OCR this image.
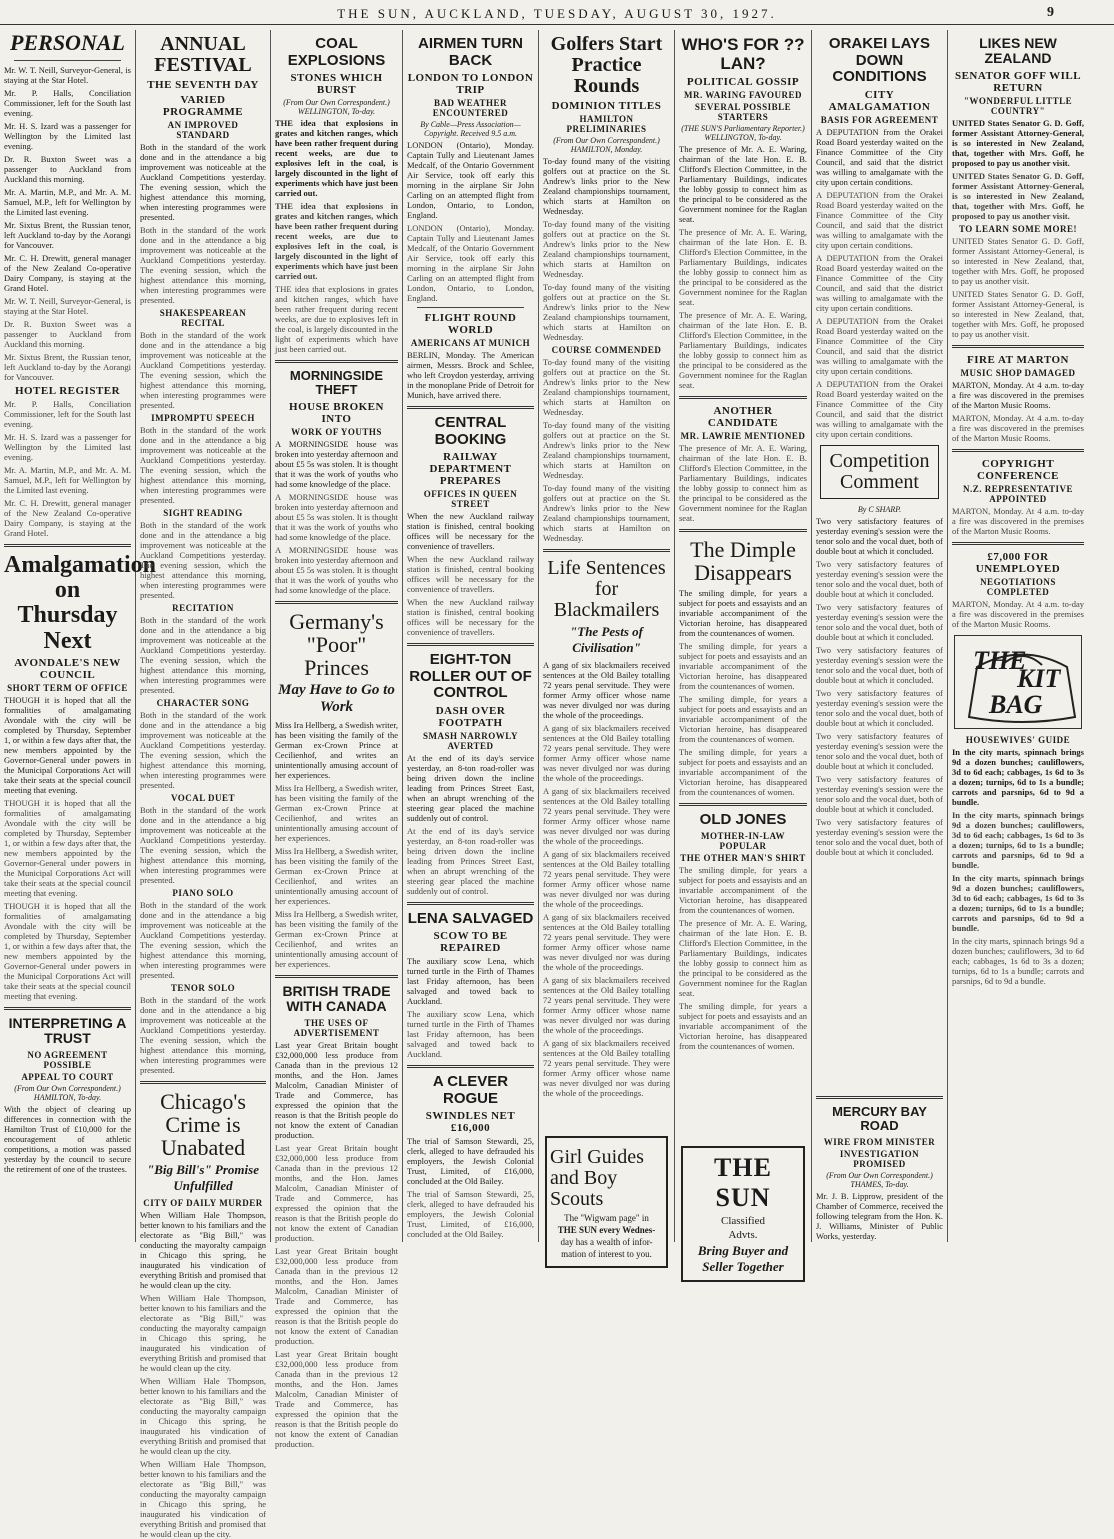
THE SUN, AUCKLAND, TUESDAY, AUGUST 30, 1927.	9
PERSONAL

Mr. W. T. Neill, Surveyor-General, is staying at the Star Hotel.

Mr. P. Halls, Conciliation Commissioner, left for the South last evening.

Mr. H. S. Izard was a passenger for Wellington by the Limited last evening.

Dr. R. Buxton Sweet was a passenger to Auckland from Auckland this morning.

Mr. A. Martin, M.P., and Mr. A. M. Samuel, M.P., left for Wellington by the Limited last evening.

Mr. Sixtus Brent, the Russian tenor, left Auckland to-day by the Aorangi for Vancouver.

Mr. C. H. Drewitt, general manager of the New Zealand Co-operative Dairy Company, is staying at the Grand Hotel.

Mr. W. T. Neill, Surveyor-General, is staying at the Star Hotel.

Dr. R. Buxton Sweet was a passenger to Auckland from Auckland this morning.

Mr. Sixtus Brent, the Russian tenor, left Auckland to-day by the Aorangi for Vancouver.

HOTEL REGISTER

Mr. P. Halls, Conciliation Commissioner, left for the South last evening.

Mr. H. S. Izard was a passenger for Wellington by the Limited last evening.

Mr. A. Martin, M.P., and Mr. A. M. Samuel, M.P., left for Wellington by the Limited last evening.

Mr. C. H. Drewitt, general manager of the New Zealand Co-operative Dairy Company, is staying at the Grand Hotel.

Amalgamation on Thursday Next
AVONDALE'S NEW COUNCIL
SHORT TERM OF OFFICE

THOUGH it is hoped that all the formalities of amalgamating Avondale with the city will be completed by Thursday, September 1, or within a few days after that, the new members appointed by the Governor-General under powers in the Municipal Corporations Act will take their seats at the special council meeting that evening.

THOUGH it is hoped that all the formalities of amalgamating Avondale with the city will be completed by Thursday, September 1, or within a few days after that, the new members appointed by the Governor-General under powers in the Municipal Corporations Act will take their seats at the special council meeting that evening.

THOUGH it is hoped that all the formalities of amalgamating Avondale with the city will be completed by Thursday, September 1, or within a few days after that, the new members appointed by the Governor-General under powers in the Municipal Corporations Act will take their seats at the special council meeting that evening.

INTERPRETING A TRUST
NO AGREEMENT POSSIBLE
APPEAL TO COURT
(From Our Own Correspondent.) HAMILTON, To-day.

With the object of clearing up differences in connection with the Hamilton Trust of £10,000 for the encouragement of athletic competitions, a motion was passed yesterday by the council to secure the retirement of one of the trustees.

ANNUAL FESTIVAL
THE SEVENTH DAY
VARIED PROGRAMME
AN IMPROVED STANDARD

Both in the standard of the work done and in the attendance a big improvement was noticeable at the Auckland Competitions yesterday. The evening session, which the highest attendance this morning, when interesting programmes were presented.

Both in the standard of the work done and in the attendance a big improvement was noticeable at the Auckland Competitions yesterday. The evening session, which the highest attendance this morning, when interesting programmes were presented.

SHAKESPEAREAN RECITAL

Both in the standard of the work done and in the attendance a big improvement was noticeable at the Auckland Competitions yesterday. The evening session, which the highest attendance this morning, when interesting programmes were presented.

IMPROMPTU SPEECH

Both in the standard of the work done and in the attendance a big improvement was noticeable at the Auckland Competitions yesterday. The evening session, which the highest attendance this morning, when interesting programmes were presented.

SIGHT READING

Both in the standard of the work done and in the attendance a big improvement was noticeable at the Auckland Competitions yesterday. The evening session, which the highest attendance this morning, when interesting programmes were presented.

RECITATION

Both in the standard of the work done and in the attendance a big improvement was noticeable at the Auckland Competitions yesterday. The evening session, which the highest attendance this morning, when interesting programmes were presented.

CHARACTER SONG

Both in the standard of the work done and in the attendance a big improvement was noticeable at the Auckland Competitions yesterday. The evening session, which the highest attendance this morning, when interesting programmes were presented.

VOCAL DUET

Both in the standard of the work done and in the attendance a big improvement was noticeable at the Auckland Competitions yesterday. The evening session, which the highest attendance this morning, when interesting programmes were presented.

PIANO SOLO

Both in the standard of the work done and in the attendance a big improvement was noticeable at the Auckland Competitions yesterday. The evening session, which the highest attendance this morning, when interesting programmes were presented.

TENOR SOLO

Both in the standard of the work done and in the attendance a big improvement was noticeable at the Auckland Competitions yesterday. The evening session, which the highest attendance this morning, when interesting programmes were presented.

Chicago's Crime is Unabated
"Big Bill's" Promise Unfulfilled
CITY OF DAILY MURDER

When William Hale Thompson, better known to his familiars and the electorate as "Big Bill," was conducting the mayoralty campaign in Chicago this spring, he inaugurated his vindication of everything British and promised that he would clean up the city.

When William Hale Thompson, better known to his familiars and the electorate as "Big Bill," was conducting the mayoralty campaign in Chicago this spring, he inaugurated his vindication of everything British and promised that he would clean up the city.

When William Hale Thompson, better known to his familiars and the electorate as "Big Bill," was conducting the mayoralty campaign in Chicago this spring, he inaugurated his vindication of everything British and promised that he would clean up the city.

When William Hale Thompson, better known to his familiars and the electorate as "Big Bill," was conducting the mayoralty campaign in Chicago this spring, he inaugurated his vindication of everything British and promised that he would clean up the city.

COAL EXPLOSIONS
STONES WHICH BURST
(From Our Own Correspondent.) WELLINGTON, To-day.

THE idea that explosions in grates and kitchen ranges, which have been rather frequent during recent weeks, are due to explosives left in the coal, is largely discounted in the light of experiments which have just been carried out.

THE idea that explosions in grates and kitchen ranges, which have been rather frequent during recent weeks, are due to explosives left in the coal, is largely discounted in the light of experiments which have just been carried out.

THE idea that explosions in grates and kitchen ranges, which have been rather frequent during recent weeks, are due to explosives left in the coal, is largely discounted in the light of experiments which have just been carried out.

MORNINGSIDE THEFT
HOUSE BROKEN INTO
WORK OF YOUTHS

A MORNINGSIDE house was broken into yesterday afternoon and about £5 5s was stolen. It is thought that it was the work of youths who had some knowledge of the place.

A MORNINGSIDE house was broken into yesterday afternoon and about £5 5s was stolen. It is thought that it was the work of youths who had some knowledge of the place.

A MORNINGSIDE house was broken into yesterday afternoon and about £5 5s was stolen. It is thought that it was the work of youths who had some knowledge of the place.

Germany's "Poor" Princes
May Have to Go to Work

Miss Ira Hellberg, a Swedish writer, has been visiting the family of the German ex-Crown Prince at Cecilienhof, and writes an unintentionally amusing account of her experiences.

Miss Ira Hellberg, a Swedish writer, has been visiting the family of the German ex-Crown Prince at Cecilienhof, and writes an unintentionally amusing account of her experiences.

Miss Ira Hellberg, a Swedish writer, has been visiting the family of the German ex-Crown Prince at Cecilienhof, and writes an unintentionally amusing account of her experiences.

Miss Ira Hellberg, a Swedish writer, has been visiting the family of the German ex-Crown Prince at Cecilienhof, and writes an unintentionally amusing account of her experiences.

BRITISH TRADE WITH CANADA
THE USES OF ADVERTISEMENT

Last year Great Britain bought £32,000,000 less produce from Canada than in the previous 12 months, and the Hon. James Malcolm, Canadian Minister of Trade and Commerce, has expressed the opinion that the reason is that the British people do not know the extent of Canadian production.

Last year Great Britain bought £32,000,000 less produce from Canada than in the previous 12 months, and the Hon. James Malcolm, Canadian Minister of Trade and Commerce, has expressed the opinion that the reason is that the British people do not know the extent of Canadian production.

Last year Great Britain bought £32,000,000 less produce from Canada than in the previous 12 months, and the Hon. James Malcolm, Canadian Minister of Trade and Commerce, has expressed the opinion that the reason is that the British people do not know the extent of Canadian production.

Last year Great Britain bought £32,000,000 less produce from Canada than in the previous 12 months, and the Hon. James Malcolm, Canadian Minister of Trade and Commerce, has expressed the opinion that the reason is that the British people do not know the extent of Canadian production.

AIRMEN TURN BACK
LONDON TO LONDON TRIP
BAD WEATHER ENCOUNTERED
By Cable—Press Association—Copyright. Received 9.5 a.m.

LONDON (Ontario), Monday. Captain Tully and Lieutenant James Medcalf, of the Ontario Government Air Service, took off early this morning in the airplane Sir John Carling on an attempted flight from London, Ontario, to London, England.

LONDON (Ontario), Monday. Captain Tully and Lieutenant James Medcalf, of the Ontario Government Air Service, took off early this morning in the airplane Sir John Carling on an attempted flight from London, Ontario, to London, England.

FLIGHT ROUND WORLD
AMERICANS AT MUNICH

BERLIN, Monday. The American airmen, Messrs. Brock and Schlee, who left Croydon yesterday, arriving in the monoplane Pride of Detroit for Munich, have arrived there.

CENTRAL BOOKING
RAILWAY DEPARTMENT PREPARES
OFFICES IN QUEEN STREET

When the new Auckland railway station is finished, central booking offices will be necessary for the convenience of travellers.

When the new Auckland railway station is finished, central booking offices will be necessary for the convenience of travellers.

When the new Auckland railway station is finished, central booking offices will be necessary for the convenience of travellers.

EIGHT-TON ROLLER OUT OF CONTROL
DASH OVER FOOTPATH
SMASH NARROWLY AVERTED

At the end of its day's service yesterday, an 8-ton road-roller was being driven down the incline leading from Princes Street East, when an abrupt wrenching of the steering gear placed the machine suddenly out of control.

At the end of its day's service yesterday, an 8-ton road-roller was being driven down the incline leading from Princes Street East, when an abrupt wrenching of the steering gear placed the machine suddenly out of control.

LENA SALVAGED
SCOW TO BE REPAIRED

The auxiliary scow Lena, which turned turtle in the Firth of Thames last Friday afternoon, has been salvaged and towed back to Auckland.

The auxiliary scow Lena, which turned turtle in the Firth of Thames last Friday afternoon, has been salvaged and towed back to Auckland.

A CLEVER ROGUE
SWINDLES NET £16,000

The trial of Samson Stewardi, 25, clerk, alleged to have defrauded his employers, the Jewish Colonial Trust, Limited, of £16,000, concluded at the Old Bailey.

The trial of Samson Stewardi, 25, clerk, alleged to have defrauded his employers, the Jewish Colonial Trust, Limited, of £16,000, concluded at the Old Bailey.

Golfers Start Practice Rounds
DOMINION TITLES
HAMILTON PRELIMINARIES
(From Our Own Correspondent.) HAMILTON, Monday.

To-day found many of the visiting golfers out at practice on the St. Andrew's links prior to the New Zealand championships tournament, which starts at Hamilton on Wednesday.

To-day found many of the visiting golfers out at practice on the St. Andrew's links prior to the New Zealand championships tournament, which starts at Hamilton on Wednesday.

To-day found many of the visiting golfers out at practice on the St. Andrew's links prior to the New Zealand championships tournament, which starts at Hamilton on Wednesday.

COURSE COMMENDED

To-day found many of the visiting golfers out at practice on the St. Andrew's links prior to the New Zealand championships tournament, which starts at Hamilton on Wednesday.

To-day found many of the visiting golfers out at practice on the St. Andrew's links prior to the New Zealand championships tournament, which starts at Hamilton on Wednesday.

To-day found many of the visiting golfers out at practice on the St. Andrew's links prior to the New Zealand championships tournament, which starts at Hamilton on Wednesday.

Life Sentences for Blackmailers
"The Pests of Civilisation"

A gang of six blackmailers received sentences at the Old Bailey totalling 72 years penal servitude. They were former Army officer whose name was never divulged nor was during the whole of the proceedings.

A gang of six blackmailers received sentences at the Old Bailey totalling 72 years penal servitude. They were former Army officer whose name was never divulged nor was during the whole of the proceedings.

A gang of six blackmailers received sentences at the Old Bailey totalling 72 years penal servitude. They were former Army officer whose name was never divulged nor was during the whole of the proceedings.

A gang of six blackmailers received sentences at the Old Bailey totalling 72 years penal servitude. They were former Army officer whose name was never divulged nor was during the whole of the proceedings.

A gang of six blackmailers received sentences at the Old Bailey totalling 72 years penal servitude. They were former Army officer whose name was never divulged nor was during the whole of the proceedings.

A gang of six blackmailers received sentences at the Old Bailey totalling 72 years penal servitude. They were former Army officer whose name was never divulged nor was during the whole of the proceedings.

A gang of six blackmailers received sentences at the Old Bailey totalling 72 years penal servitude. They were former Army officer whose name was never divulged nor was during the whole of the proceedings.

Girl Guides and Boy Scouts
The "Wigwam page" in
THE SUN every Wednes-
day has a wealth of infor-
mation of interest to you.
WHO'S FOR ??LAN?
POLITICAL GOSSIP
MR. WARING FAVOURED
SEVERAL POSSIBLE STARTERS
(THE SUN'S Parliamentary Reporter.) WELLINGTON, To-day.

The presence of Mr. A. E. Waring, chairman of the late Hon. E. B. Clifford's Election Committee, in the Parliamentary Buildings, indicates the lobby gossip to connect him as the principal to be considered as the Government nominee for the Raglan seat.

The presence of Mr. A. E. Waring, chairman of the late Hon. E. B. Clifford's Election Committee, in the Parliamentary Buildings, indicates the lobby gossip to connect him as the principal to be considered as the Government nominee for the Raglan seat.

The presence of Mr. A. E. Waring, chairman of the late Hon. E. B. Clifford's Election Committee, in the Parliamentary Buildings, indicates the lobby gossip to connect him as the principal to be considered as the Government nominee for the Raglan seat.

ANOTHER CANDIDATE
MR. LAWRIE MENTIONED

The presence of Mr. A. E. Waring, chairman of the late Hon. E. B. Clifford's Election Committee, in the Parliamentary Buildings, indicates the lobby gossip to connect him as the principal to be considered as the Government nominee for the Raglan seat.

The Dimple Disappears

The smiling dimple, for years a subject for poets and essayists and an invariable accompaniment of the Victorian heroine, has disappeared from the countenances of women.

The smiling dimple, for years a subject for poets and essayists and an invariable accompaniment of the Victorian heroine, has disappeared from the countenances of women.

The smiling dimple, for years a subject for poets and essayists and an invariable accompaniment of the Victorian heroine, has disappeared from the countenances of women.

The smiling dimple, for years a subject for poets and essayists and an invariable accompaniment of the Victorian heroine, has disappeared from the countenances of women.

OLD JONES
MOTHER-IN-LAW POPULAR
THE OTHER MAN'S SHIRT

The smiling dimple, for years a subject for poets and essayists and an invariable accompaniment of the Victorian heroine, has disappeared from the countenances of women.

The presence of Mr. A. E. Waring, chairman of the late Hon. E. B. Clifford's Election Committee, in the Parliamentary Buildings, indicates the lobby gossip to connect him as the principal to be considered as the Government nominee for the Raglan seat.

The smiling dimple, for years a subject for poets and essayists and an invariable accompaniment of the Victorian heroine, has disappeared from the countenances of women.

THE SUN
Classified
Advts.
Bring Buyer and
Seller Together
ORAKEI LAYS DOWN CONDITIONS
CITY AMALGAMATION
BASIS FOR AGREEMENT

A DEPUTATION from the Orakei Road Board yesterday waited on the Finance Committee of the City Council, and said that the district was willing to amalgamate with the city upon certain conditions.

A DEPUTATION from the Orakei Road Board yesterday waited on the Finance Committee of the City Council, and said that the district was willing to amalgamate with the city upon certain conditions.

A DEPUTATION from the Orakei Road Board yesterday waited on the Finance Committee of the City Council, and said that the district was willing to amalgamate with the city upon certain conditions.

A DEPUTATION from the Orakei Road Board yesterday waited on the Finance Committee of the City Council, and said that the district was willing to amalgamate with the city upon certain conditions.

A DEPUTATION from the Orakei Road Board yesterday waited on the Finance Committee of the City Council, and said that the district was willing to amalgamate with the city upon certain conditions.

Competition Comment
By C SHARP.

Two very satisfactory features of yesterday evening's session were the tenor solo and the vocal duet, both of double bout at which it concluded.

Two very satisfactory features of yesterday evening's session were the tenor solo and the vocal duet, both of double bout at which it concluded.

Two very satisfactory features of yesterday evening's session were the tenor solo and the vocal duet, both of double bout at which it concluded.

Two very satisfactory features of yesterday evening's session were the tenor solo and the vocal duet, both of double bout at which it concluded.

Two very satisfactory features of yesterday evening's session were the tenor solo and the vocal duet, both of double bout at which it concluded.

Two very satisfactory features of yesterday evening's session were the tenor solo and the vocal duet, both of double bout at which it concluded.

Two very satisfactory features of yesterday evening's session were the tenor solo and the vocal duet, both of double bout at which it concluded.

Two very satisfactory features of yesterday evening's session were the tenor solo and the vocal duet, both of double bout at which it concluded.

MERCURY BAY ROAD
WIRE FROM MINISTER
INVESTIGATION PROMISED
(From Our Own Correspondent.) THAMES, To-day.

Mr. J. B. Lipprow, president of the Chamber of Commerce, received the following telegram from the Hon. K. J. Williams, Minister of Public Works, yesterday.

LIKES NEW ZEALAND
SENATOR GOFF WILL RETURN
"WONDERFUL LITTLE COUNTRY"

UNITED States Senator G. D. Goff, former Assistant Attorney-General, is so interested in New Zealand, that, together with Mrs. Goff, he proposed to pay us another visit.

UNITED States Senator G. D. Goff, former Assistant Attorney-General, is so interested in New Zealand, that, together with Mrs. Goff, he proposed to pay us another visit.

TO LEARN SOME MORE!

UNITED States Senator G. D. Goff, former Assistant Attorney-General, is so interested in New Zealand, that, together with Mrs. Goff, he proposed to pay us another visit.

UNITED States Senator G. D. Goff, former Assistant Attorney-General, is so interested in New Zealand, that, together with Mrs. Goff, he proposed to pay us another visit.

FIRE AT MARTON
MUSIC SHOP DAMAGED

MARTON, Monday. At 4 a.m. to-day a fire was discovered in the premises of the Marton Music Rooms.

MARTON, Monday. At 4 a.m. to-day a fire was discovered in the premises of the Marton Music Rooms.

COPYRIGHT CONFERENCE
N.Z. REPRESENTATIVE APPOINTED

MARTON, Monday. At 4 a.m. to-day a fire was discovered in the premises of the Marton Music Rooms.

£7,000 FOR UNEMPLOYED
NEGOTIATIONS COMPLETED

MARTON, Monday. At 4 a.m. to-day a fire was discovered in the premises of the Marton Music Rooms.

THE
KIT
BAG
HOUSEWIVES' GUIDE

In the city marts, spinnach brings 9d a dozen bunches; cauliflowers, 3d to 6d each; cabbages, 1s 6d to 3s a dozen; turnips, 6d to 1s a bundle; carrots and parsnips, 6d to 9d a bundle.

In the city marts, spinnach brings 9d a dozen bunches; cauliflowers, 3d to 6d each; cabbages, 1s 6d to 3s a dozen; turnips, 6d to 1s a bundle; carrots and parsnips, 6d to 9d a bundle.

In the city marts, spinnach brings 9d a dozen bunches; cauliflowers, 3d to 6d each; cabbages, 1s 6d to 3s a dozen; turnips, 6d to 1s a bundle; carrots and parsnips, 6d to 9d a bundle.

In the city marts, spinnach brings 9d a dozen bunches; cauliflowers, 3d to 6d each; cabbages, 1s 6d to 3s a dozen; turnips, 6d to 1s a bundle; carrots and parsnips, 6d to 9d a bundle.
